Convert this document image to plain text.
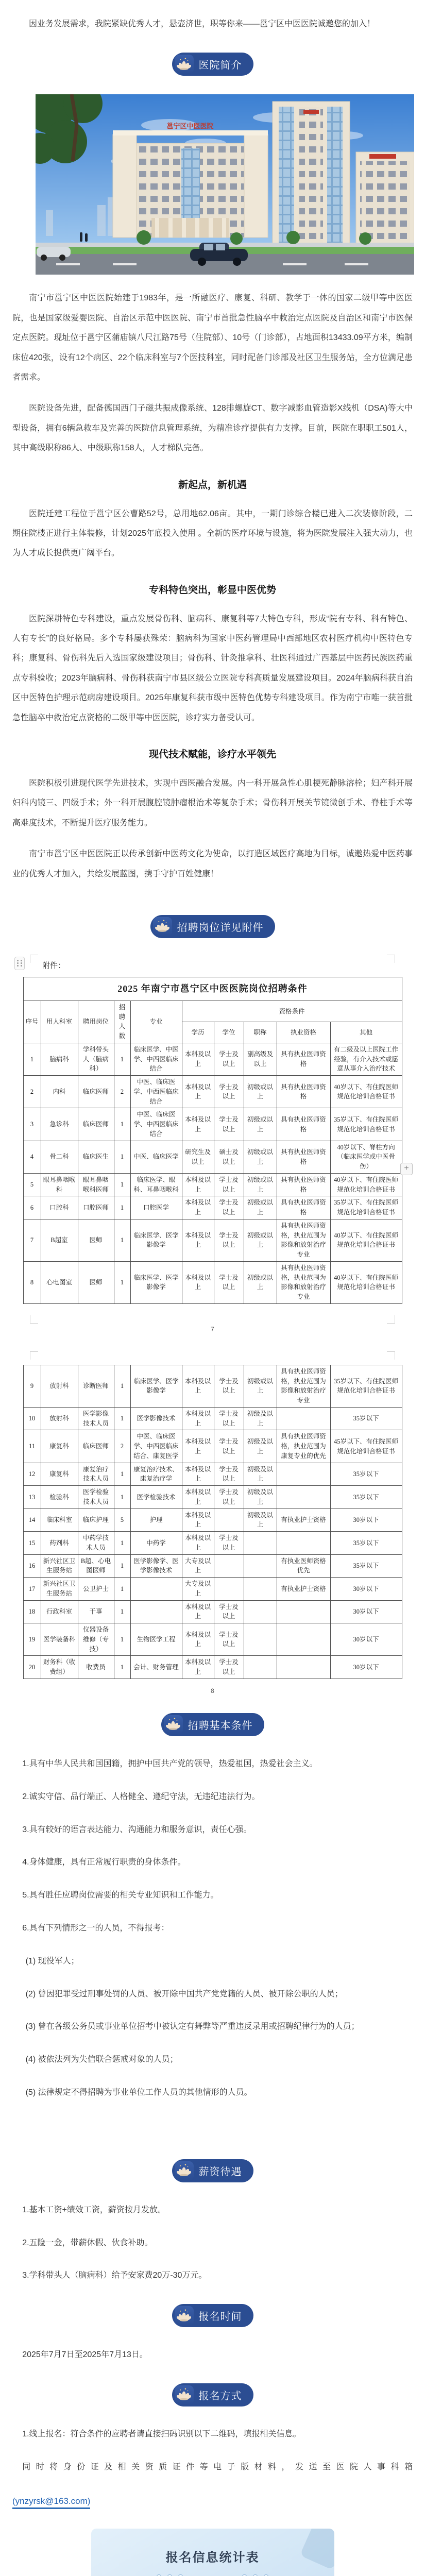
因业务发展需求，我院紧缺优秀人才，悬壶济世，职等你来——邕宁区中医医院诚邀您的加入！

医院简介
邕宁区中医医院

南宁市邕宁区中医医院始建于1983年，是一所融医疗、康复、科研、教学于一体的国家二级甲等中医医院，也是国家级爱婴医院、自治区示范中医医院、南宁市首批急性脑卒中救治定点医院及自治区和南宁市医保定点医院。现址位于邕宁区蒲庙镇八尺江路75号（住院部）、10号（门诊部），占地面积13433.09平方米，编制床位420张，设有12个病区、22个临床科室与7个医技科室，同时配备门诊部及社区卫生服务站，全方位满足患者需求。

医院设备先进，配备德国西门子磁共振成像系统、128排螺旋CT、数字减影血管造影X线机（DSA)等大中型设备，拥有6辆急救车及完善的医院信息管理系统，为精准诊疗提供有力支撑。目前，医院在职职工501人，其中高级职称86人、中级职称158人，人才梯队完备。

新起点，新机遇

医院迁建工程位于邕宁区公曹路52号，总用地62.06亩。其中，一期门诊综合楼已进入二次装修阶段，二期住院楼正进行主体装修，计划2025年底投入使用 。全新的医疗环境与设施，将为医院发展注入强大动力，也为人才成长提供更广阔平台。

专科特色突出，彰显中医优势

医院深耕特色专科建设，重点发展骨伤科、脑病科、康复科等7大特色专科，形成“院有专科、科有特色、人有专长”的良好格局。多个专科屡获殊荣：脑病科为国家中医药管理局中西部地区农村医疗机构中医特色专科；康复科、骨伤科先后入选国家级建设项目；骨伤科、针灸推拿科、壮医科通过广西基层中医药民族医药重点专科验收；2023年脑病科、骨伤科获南宁市县区级公立医院专科高质量发展建设项目。2024年脑病科获自治区中医特色护理示范病房建设项目。2025年康复科获市级中医特色优势专科建设项目。作为南宁市唯一获首批急性脑卒中救治定点资格的二级甲等中医医院，诊疗实力备受认可。

现代技术赋能，诊疗水平领先

医院积极引进现代医学先进技术，实现中西医融合发展。内一科开展急性心肌梗死静脉溶栓；妇产科开展妇科内镜三、四级手术；外一科开展腹腔镜肿瘤根治术等复杂手术；骨伤科开展关节镜微创手术、脊柱手术等高难度技术，不断提升医疗服务能力。

南宁市邕宁区中医医院正以传承创新中医药文化为使命，以打造区域医疗高地为目标，诚邀热爱中医药事业的优秀人才加入，共绘发展蓝图，携手守护百姓健康！

招聘岗位详见附件
+

附件：

2025 年南宁市邕宁区中医医院岗位招聘条件									
序号	用人科室	聘用岗位	招聘人数	专业	资格条件				
					学历	学位	职称	执业资格	其他
1	脑病科	学科带头人（脑病科）	1	临床医学、中医学、中西医临床结合	本科及以上	学士及以上	副高级及以上	具有执业医师资格	有二级及以上医院工作经验，有介入技术或愿意从事介入治疗技术
2	内科	临床医师	2	中医、临床医学、中西医临床结合	本科及以上	学士及以上	初级或以上	具有执业医师资格	40岁以下、有住院医师规范化培训合格证书
3	急诊科	临床医师	1	中医、临床医学、中西医临床结合	本科及以上	学士及以上	初级或以上	具有执业医师资格	35岁以下、有住院医师规范化培训合格证书
4	骨二科	临床医生	1	中医、临床医学	研究生及以上	硕士及以上	初级或以上	具有执业医师资格	40岁以下、脊柱方向（临床医学或中医骨伤）
5	眼耳鼻咽喉科	眼耳鼻咽喉科医师	1	临床医学、眼科、耳鼻咽喉科	本科及以上	学士及以上	初级或以上	具有执业医师资格	40岁以下、有住院医师规范化培训合格证书
6	口腔科	口腔医师	1	口腔医学	本科及以上	学士及以上	初级或以上	具有执业医师资格	35岁以下、有住院医师规范化培训合格证书
7	B超室	医师	1	临床医学、医学影像学	本科及以上	学士及以上	初级或以上	具有执业医师资格，执业范围为影像和放射治疗专业	40岁以下、有住院医师规范化培训合格证书
8	心电图室	医师	1	临床医学、医学影像学	本科及以上	学士及以上	初级或以上	具有执业医师资格，执业范围为影像和放射治疗专业	40岁以下、有住院医师规范化培训合格证书
7
9	放射科	诊断医师	1	临床医学、医学影像学	本科及以上	学士及以上	初级或以上	具有执业医师资格，执业范围为影像和放射治疗专业	35岁以下、有住院医师规范化培训合格证书
10	放射科	医学影像技术人员	1	医学影像技术	本科及以上	学士及以上	初级及以上		35岁以下
11	康复科	临床医师	2	中医、临床医学、中西医临床结合、康复医学	本科及以上	学士及以上	初级及以上	具有执业医师资格，执业范围为康复专业的优先	45岁以下、有住院医师规范化培训合格证书
12	康复科	康复治疗技术人员	1	康复治疗技术、康复治疗学	本科及以上	学士及以上	初级及以上		35岁以下
13	检验科	医学检验技术人员	1	医学检验技术	本科及以上	学士及以上	初级及以上		35岁以下
14	临床科室	临床护理	5	护理	本科及以上		初级及以上	有执业护士资格	30岁以下
15	药剂科	中药学技术人员	1	中药学	本科及以上	学士及以上			35岁以下
16	新兴社区卫生服务站	B超、心电图医师	1	医学影像学、医学影像技术	大专及以上			有执业医师资格优先	35岁以下
17	新兴社区卫生服务站	公卫护士	1		大专及以上			有执业护士资格	30岁以下
18	行政科室	干事	1		本科及以上	学士及以上			30岁以下
19	医学装备科	仪器设备维修（专技）	1	生物医学工程	本科及以上	学士及以上			30岁以下
20	财务科（收费组）	收费员	1	会计、财务管理	本科及以上	学士及以上			30岁以下
8
招聘基本条件

1.具有中华人民共和国国籍，拥护中国共产党的领导，热爱祖国，热爱社会主义。

2.诚实守信、品行端正、人格健全、遵纪守法，无违纪违法行为。

3.具有较好的语言表达能力、沟通能力和服务意识，责任心强。

4.身体健康，具有正常履行职责的身体条件。

5.具有胜任应聘岗位需要的相关专业知识和工作能力。

6.具有下列情形之一的人员，不得报考：

(1) 现役军人；

(2) 曾因犯罪受过刑事处罚的人员、被开除中国共产党党籍的人员、被开除公职的人员；

(3) 曾在各级公务员或事业单位招考中被认定有舞弊等严重违反录用或招聘纪律行为的人员；

(4) 被依法列为失信联合惩戒对象的人员；

(5) 法律规定不得招聘为事业单位工作人员的其他情形的人员。

薪资待遇

1.基本工资+绩效工资，薪资按月发放。

2.五险一金，带薪休假、伙食补助。

3.学科带头人（脑病科）给予安家费20万-30万元。

报名时间

2025年7月7日至2025年7月13日。

报名方式

1.线上报名：符合条件的应聘者请直接扫码识别以下二维码，填报相关信息。

同时将身份证及相关资质证件等电子版材料，发送至医院人事科箱

(ynzyrsk@163.com)

报名信息统计表
